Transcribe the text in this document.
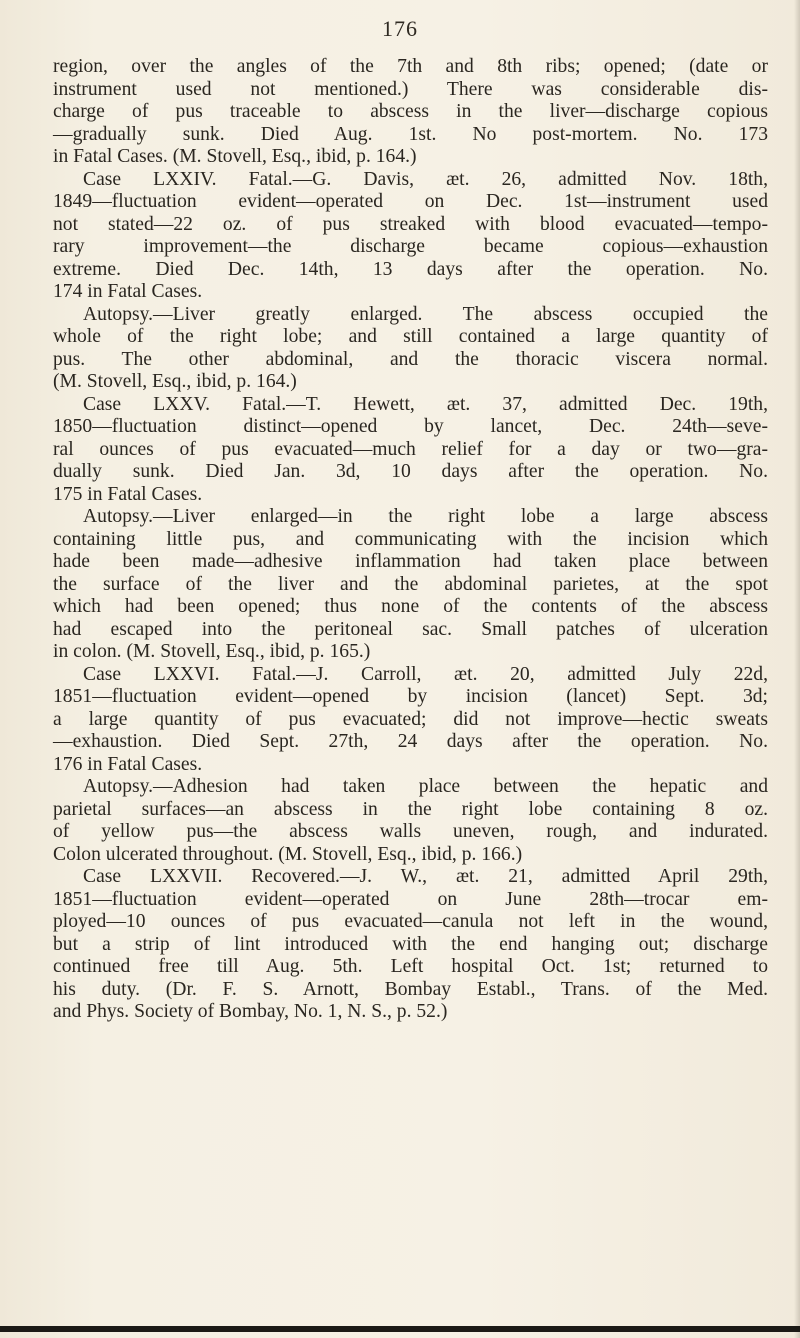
176
region, over the angles of the 7th and 8th ribs; opened; (date or
instrument used not mentioned.) There was considerable dis-
charge of pus traceable to abscess in the liver—discharge copious
—gradually sunk. Died Aug. 1st. No post-mortem. No. 173
in Fatal Cases. (M. Stovell, Esq., ibid, p. 164.)
Case LXXIV. Fatal.—G. Davis, æt. 26, admitted Nov. 18th,
1849—fluctuation evident—operated on Dec. 1st—instrument used
not stated—22 oz. of pus streaked with blood evacuated—tempo-
rary improvement—the discharge became copious—exhaustion
extreme. Died Dec. 14th, 13 days after the operation. No.
174 in Fatal Cases.
Autopsy.—Liver greatly enlarged. The abscess occupied the
whole of the right lobe; and still contained a large quantity of
pus. The other abdominal, and the thoracic viscera normal.
(M. Stovell, Esq., ibid, p. 164.)
Case LXXV. Fatal.—T. Hewett, æt. 37, admitted Dec. 19th,
1850—fluctuation distinct—opened by lancet, Dec. 24th—seve-
ral ounces of pus evacuated—much relief for a day or two—gra-
dually sunk. Died Jan. 3d, 10 days after the operation. No.
175 in Fatal Cases.
Autopsy.—Liver enlarged—in the right lobe a large abscess
containing little pus, and communicating with the incision which
hade been made—adhesive inflammation had taken place between
the surface of the liver and the abdominal parietes, at the spot
which had been opened; thus none of the contents of the abscess
had escaped into the peritoneal sac. Small patches of ulceration
in colon. (M. Stovell, Esq., ibid, p. 165.)
Case LXXVI. Fatal.—J. Carroll, æt. 20, admitted July 22d,
1851—fluctuation evident—opened by incision (lancet) Sept. 3d;
a large quantity of pus evacuated; did not improve—hectic sweats
—exhaustion. Died Sept. 27th, 24 days after the operation. No.
176 in Fatal Cases.
Autopsy.—Adhesion had taken place between the hepatic and
parietal surfaces—an abscess in the right lobe containing 8 oz.
of yellow pus—the abscess walls uneven, rough, and indurated.
Colon ulcerated throughout. (M. Stovell, Esq., ibid, p. 166.)
Case LXXVII. Recovered.—J. W., æt. 21, admitted April 29th,
1851—fluctuation evident—operated on June 28th—trocar em-
ployed—10 ounces of pus evacuated—canula not left in the wound,
but a strip of lint introduced with the end hanging out; discharge
continued free till Aug. 5th. Left hospital Oct. 1st; returned to
his duty. (Dr. F. S. Arnott, Bombay Establ., Trans. of the Med.
and Phys. Society of Bombay, No. 1, N. S., p. 52.)
